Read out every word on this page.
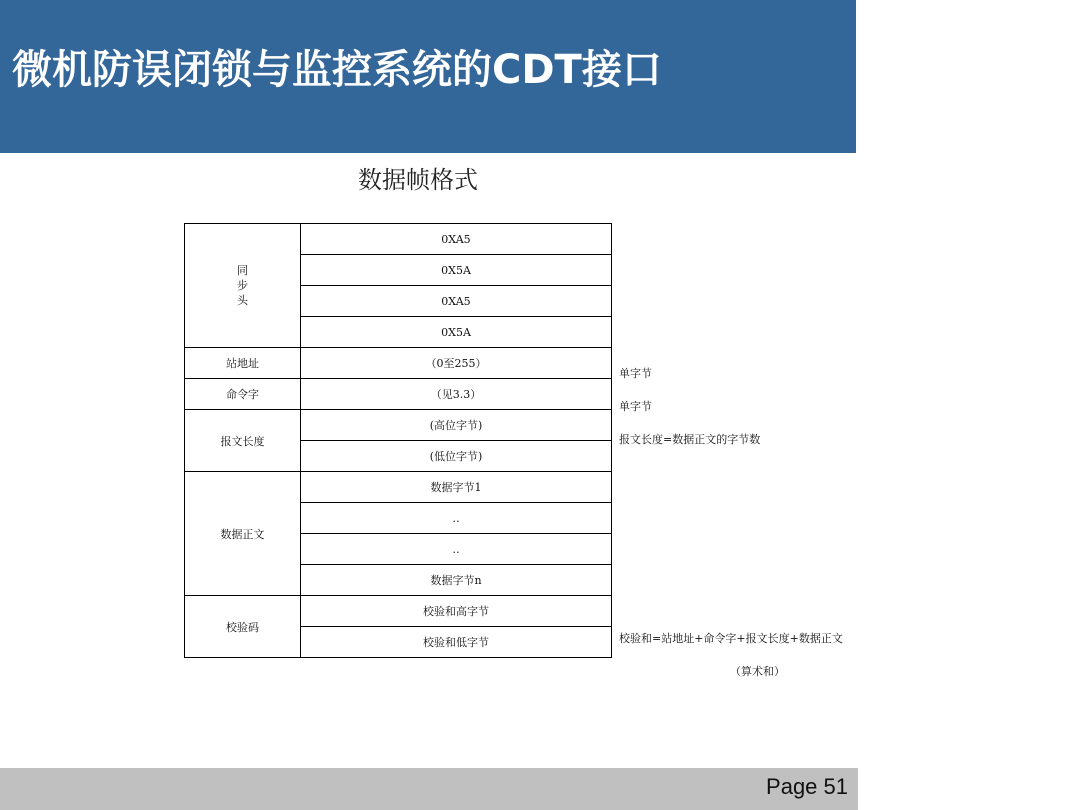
微机防误闭锁与监控系统的CDT接口
数据帧格式
同
步
头	0XA5
	0X5A
	0XA5
	0X5A
站地址	（0至255）
命令字	（见3.3）
报文长度	(高位字节)
	(低位字节)
数据正文	数据字节1
	‥
	‥
	数据字节n
校验码	校验和高字节
	校验和低字节
单字节
单字节
报文长度=数据正文的字节数
校验和=站地址+命令字+报文长度+数据正文
（算术和）
Page 51
